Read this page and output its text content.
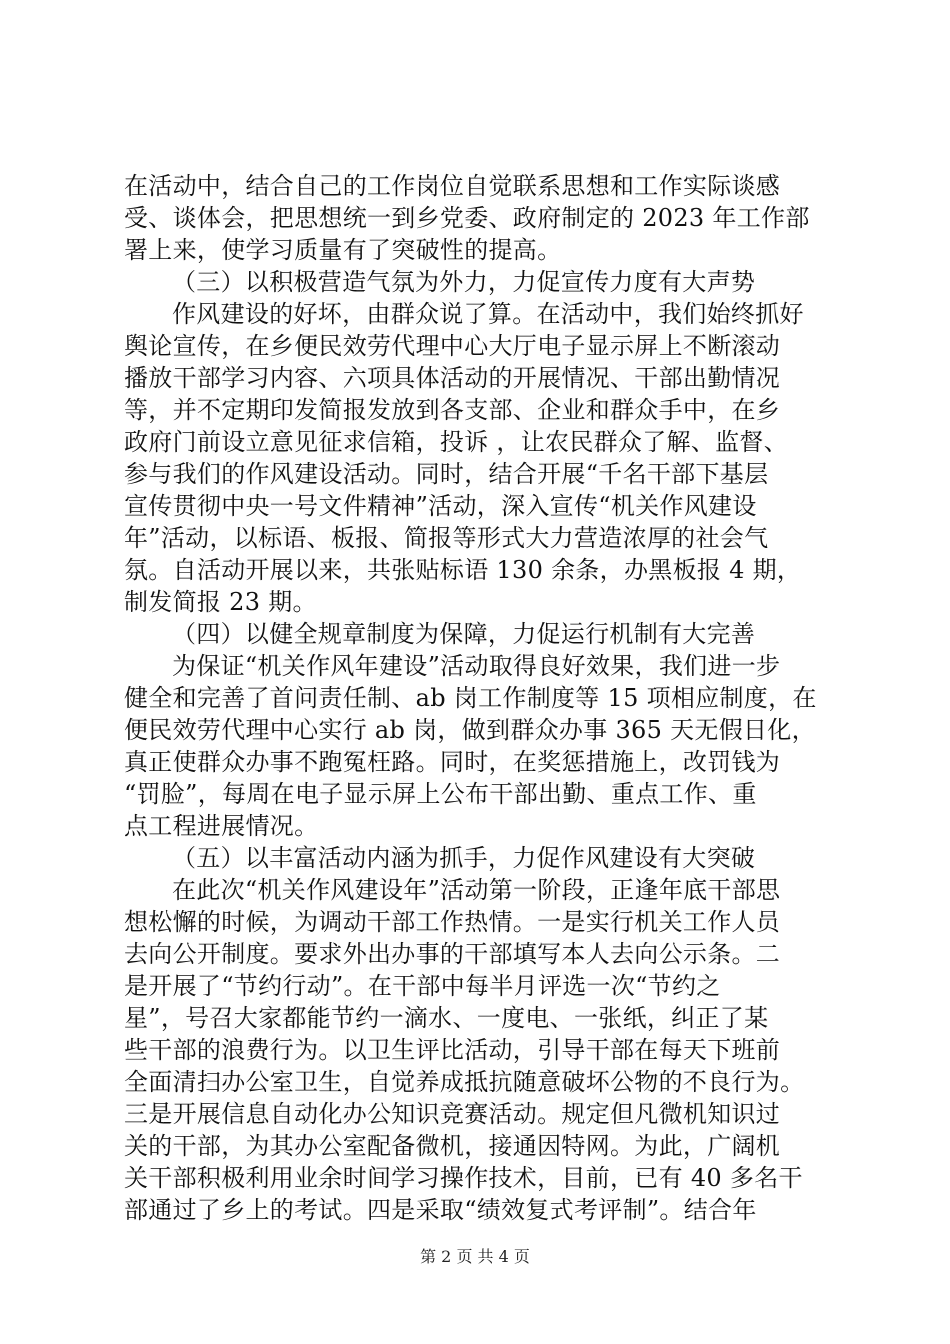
在活动中，结合自己的工作岗位自觉联系思想和工作实际谈感
受、谈体会，把思想统一到乡党委、政府制定的 2023 年工作部
署上来，使学习质量有了突破性的提高。
（三）以积极营造气氛为外力，力促宣传力度有大声势
作风建设的好坏，由群众说了算。在活动中，我们始终抓好
舆论宣传，在乡便民效劳代理中心大厅电子显示屏上不断滚动
播放干部学习内容、六项具体活动的开展情况、干部出勤情况
等，并不定期印发简报发放到各支部、企业和群众手中，在乡
政府门前设立意见征求信箱，投诉 ，让农民群众了解、监督、
参与我们的作风建设活动。同时，结合开展“千名干部下基层
宣传贯彻中央一号文件精神”活动，深入宣传“机关作风建设
年”活动，以标语、板报、简报等形式大力营造浓厚的社会气
氛。自活动开展以来，共张贴标语 130 余条，办黑板报 4 期，
制发简报 23 期。
（四）以健全规章制度为保障，力促运行机制有大完善
为保证“机关作风年建设”活动取得良好效果，我们进一步
健全和完善了首问责任制、ab 岗工作制度等 15 项相应制度，在
便民效劳代理中心实行 ab 岗，做到群众办事 365 天无假日化，
真正使群众办事不跑冤枉路。同时，在奖惩措施上，改罚钱为
“罚脸”，每周在电子显示屏上公布干部出勤、重点工作、重
点工程进展情况。
（五）以丰富活动内涵为抓手，力促作风建设有大突破
在此次“机关作风建设年”活动第一阶段，正逢年底干部思
想松懈的时候，为调动干部工作热情。一是实行机关工作人员
去向公开制度。要求外出办事的干部填写本人去向公示条。二
是开展了“节约行动”。在干部中每半月评选一次“节约之
星”，号召大家都能节约一滴水、一度电、一张纸，纠正了某
些干部的浪费行为。以卫生评比活动，引导干部在每天下班前
全面清扫办公室卫生，自觉养成抵抗随意破坏公物的不良行为。
三是开展信息自动化办公知识竞赛活动。规定但凡微机知识过
关的干部，为其办公室配备微机，接通因特网。为此，广阔机
关干部积极利用业余时间学习操作技术，目前，已有 40 多名干
部通过了乡上的考试。四是采取“绩效复式考评制”。结合年
第 2 页 共 4 页
